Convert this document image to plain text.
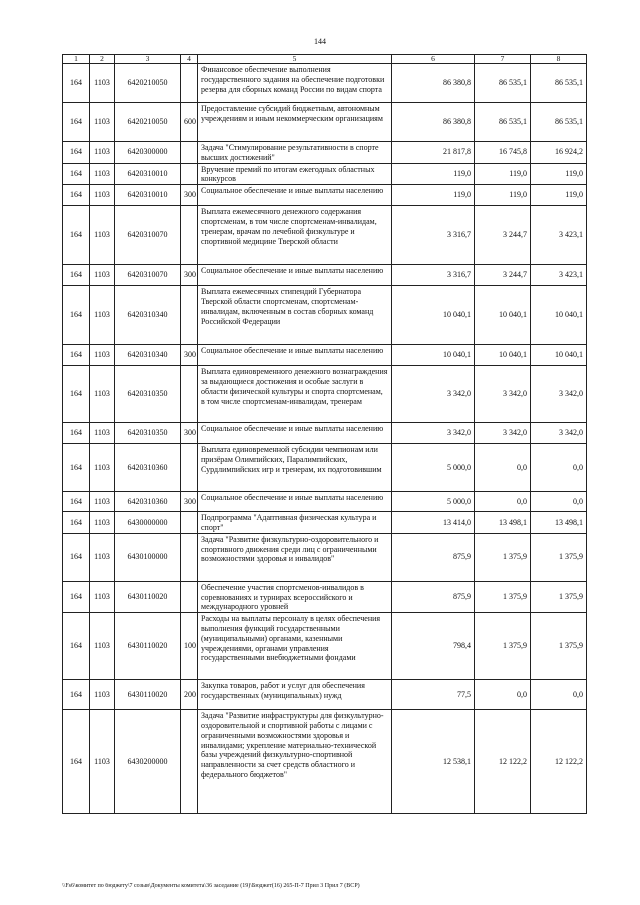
144
1	2	3	4	5	6	7	8
164	1103	6420210050		Финансовое обеспечение выполнения государственного задания на обеспечение подготовки резерва для сборных команд России по видам спорта	86 380,8	86 535,1	86 535,1
164	1103	6420210050	600	Предоставление субсидий бюджетным, автономным учреждениям и иным некоммерческим организациям	86 380,8	86 535,1	86 535,1
164	1103	6420300000		Задача "Стимулирование результативности в спорте высших достижений"	21 817,8	16 745,8	16 924,2
164	1103	6420310010		Вручение премий по итогам ежегодных областных конкурсов	119,0	119,0	119,0
164	1103	6420310010	300	Социальное обеспечение и иные выплаты населению	119,0	119,0	119,0
164	1103	6420310070		Выплата ежемесячного денежного содержания спортсменам, в том числе спортсменам-инвалидам, тренерам, врачам по лечебной физкультуре и спортивной медицине Тверской области	3 316,7	3 244,7	3 423,1
164	1103	6420310070	300	Социальное обеспечение и иные выплаты населению	3 316,7	3 244,7	3 423,1
164	1103	6420310340		Выплата ежемесячных стипендий Губернатора Тверской области спортсменам, спортсменам-инвалидам, включенным в состав сборных команд Российской Федерации	10 040,1	10 040,1	10 040,1
164	1103	6420310340	300	Социальное обеспечение и иные выплаты населению	10 040,1	10 040,1	10 040,1
164	1103	6420310350		Выплата единовременного денежного вознаграждения за выдающиеся достижения и особые заслуги в области физической культуры и спорта спортсменам, в том числе спортсменам-инвалидам, тренерам	3 342,0	3 342,0	3 342,0
164	1103	6420310350	300	Социальное обеспечение и иные выплаты населению	3 342,0	3 342,0	3 342,0
164	1103	6420310360		Выплата единовременной субсидии чемпионам или призёрам Олимпийских, Паралимпийских, Сурдлимпийских игр и тренерам, их подготовившим	5 000,0	0,0	0,0
164	1103	6420310360	300	Социальное обеспечение и иные выплаты населению	5 000,0	0,0	0,0
164	1103	6430000000		Подпрограмма "Адаптивная физическая культура и спорт"	13 414,0	13 498,1	13 498,1
164	1103	6430100000		Задача "Развитие физкультурно-оздоровительного и спортивного движения среди лиц с ограниченными возможностями здоровья и инвалидов"	875,9	1 375,9	1 375,9
164	1103	6430110020		Обеспечение участия спортсменов-инвалидов в соревнованиях и турнирах всероссийского и международного уровней	875,9	1 375,9	1 375,9
164	1103	6430110020	100	Расходы на выплаты персоналу в целях обеспечения выполнения функций государственными (муниципальными) органами, казенными учреждениями, органами управления государственными внебюджетными фондами	798,4	1 375,9	1 375,9
164	1103	6430110020	200	Закупка товаров, работ и услуг для обеспечения государственных (муниципальных) нужд	77,5	0,0	0,0
164	1103	6430200000		Задача "Развитие инфраструктуры для физкультурно-оздоровительной и спортивной работы с лицами с ограниченными возможностями здоровья и инвалидами; укрепление материально-технической базы учреждений физкультурно-спортивной направленности за счет средств областного и федерального бюджетов"	12 538,1	12 122,2	12 122,2
\\Fs6\комитет по бюджету\7 созыв\Документы комитета\36 заседание (19)\Бюджет(16) 265-П-7 Прил 3 Прил 7 (ВСР)
